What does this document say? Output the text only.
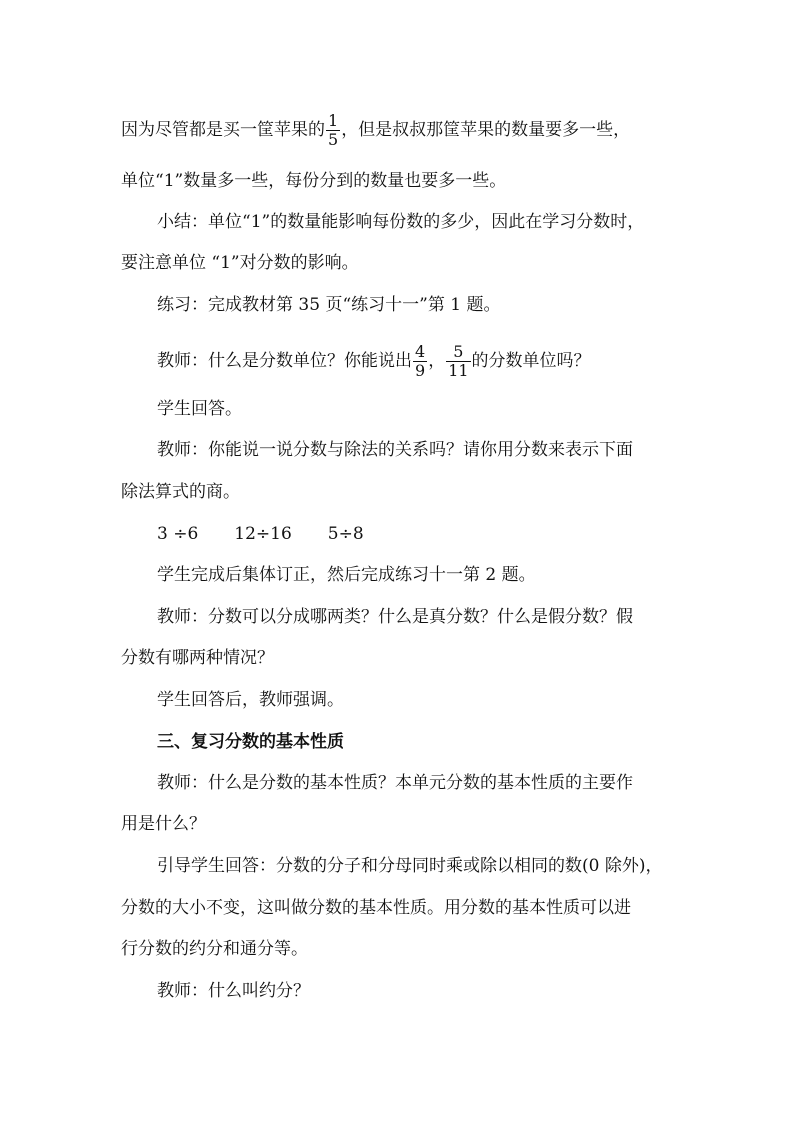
因为尽管都是买一筐苹果的 $\frac{1}{5}$ ，但是叔叔那筐苹果的数量要多一些，
单位“1”数量多一些，每份分到的数量也要多一些。
小结：单位“1”的数量能影响每份数的多少，因此在学习分数时，
要注意单位 “1”对分数的影响。
练习：完成教材第 35 页“练习十一”第 1 题。
教师：什么是分数单位？你能说出 $\frac{4}{9}$ ， $\frac{5}{11}$ 的分数单位吗？
学生回答。
教师：你能说一说分数与除法的关系吗？请你用分数来表示下面
除法算式的商。
3 ÷6 12÷16 5÷8
学生完成后集体订正，然后完成练习十一第 2 题。
教师：分数可以分成哪两类？什么是真分数？什么是假分数？假
分数有哪两种情况？
学生回答后，教师强调。
三、复习分数的基本性质
教师：什么是分数的基本性质？本单元分数的基本性质的主要作
用是什么？
引导学生回答：分数的分子和分母同时乘或除以相同的数(0 除外)，
分数的大小不变，这叫做分数的基本性质。用分数的基本性质可以进
行分数的约分和通分等。
教师：什么叫约分？
